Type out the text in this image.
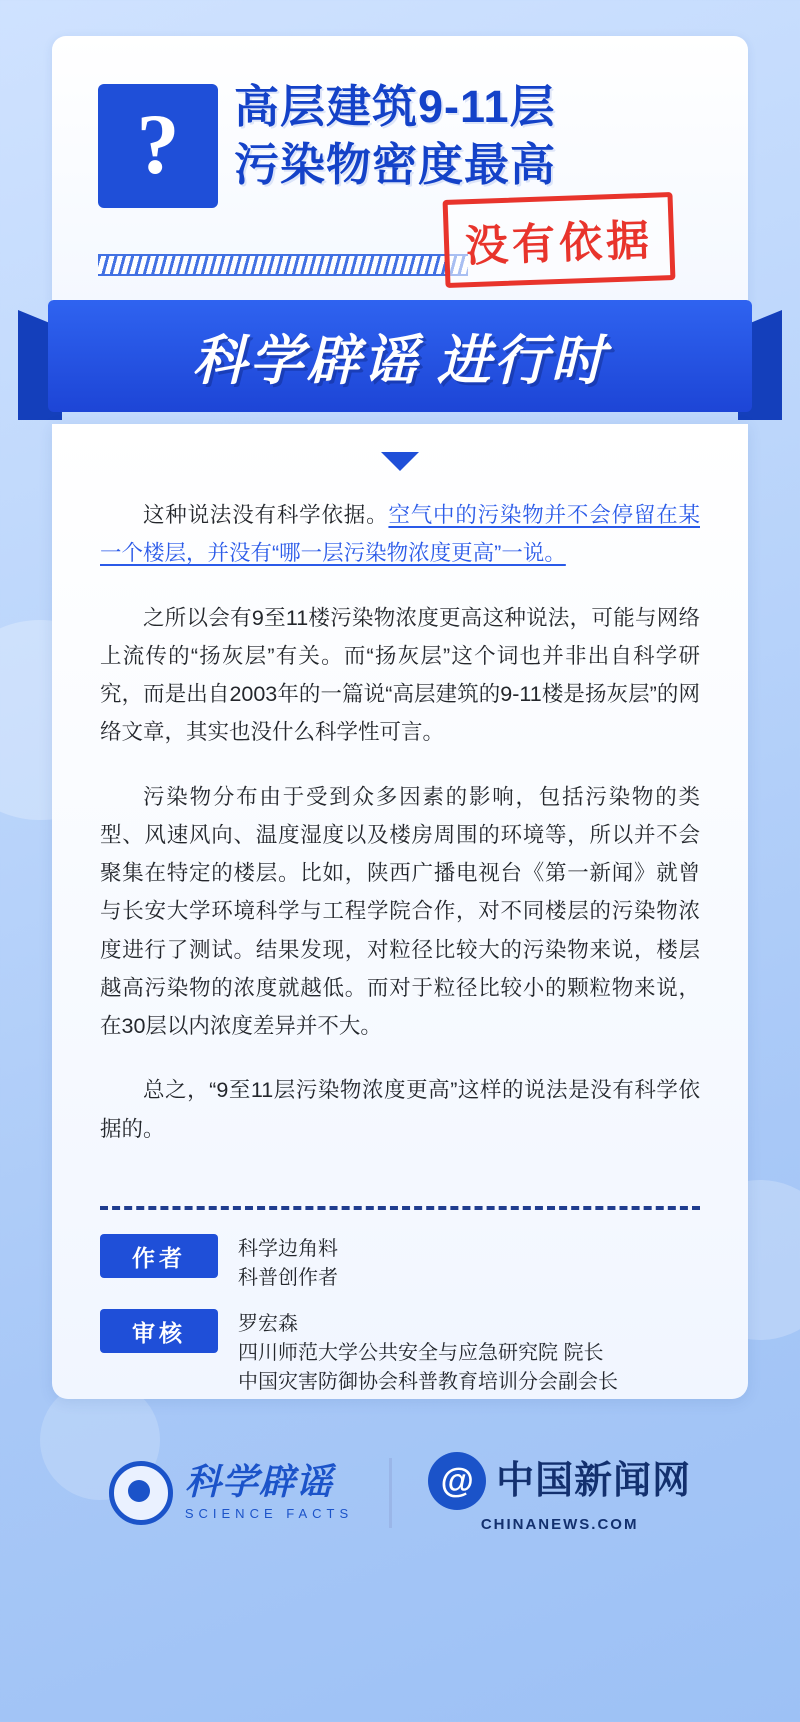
? 高层建筑9-11层
污染物密度最高
没有依据
科学辟谣 进行时

这种说法没有科学依据。空气中的污染物并不会停留在某一个楼层，并没有“哪一层污染物浓度更高”一说。

之所以会有9至11楼污染物浓度更高这种说法，可能与网络上流传的“扬灰层”有关。而“扬灰层”这个词也并非出自科学研究，而是出自2003年的一篇说“高层建筑的9-11楼是扬灰层”的网络文章，其实也没什么科学性可言。

污染物分布由于受到众多因素的影响，包括污染物的类型、风速风向、温度湿度以及楼房周围的环境等，所以并不会聚集在特定的楼层。比如，陕西广播电视台《第一新闻》就曾与长安大学环境科学与工程学院合作，对不同楼层的污染物浓度进行了测试。结果发现，对粒径比较大的污染物来说，楼层越高污染物的浓度就越低。而对于粒径比较小的颗粒物来说，在30层以内浓度差异并不大。

总之，“9至11层污染物浓度更高”这样的说法是没有科学依据的。

作者	科学边角料
科普创作者
审核	罗宏森
四川师范大学公共安全与应急研究院 院长
中国灾害防御协会科普教育培训分会副会长
科学辟谣
SCIENCE FACTS
@ 中国新闻网
CHINANEWS.COM
